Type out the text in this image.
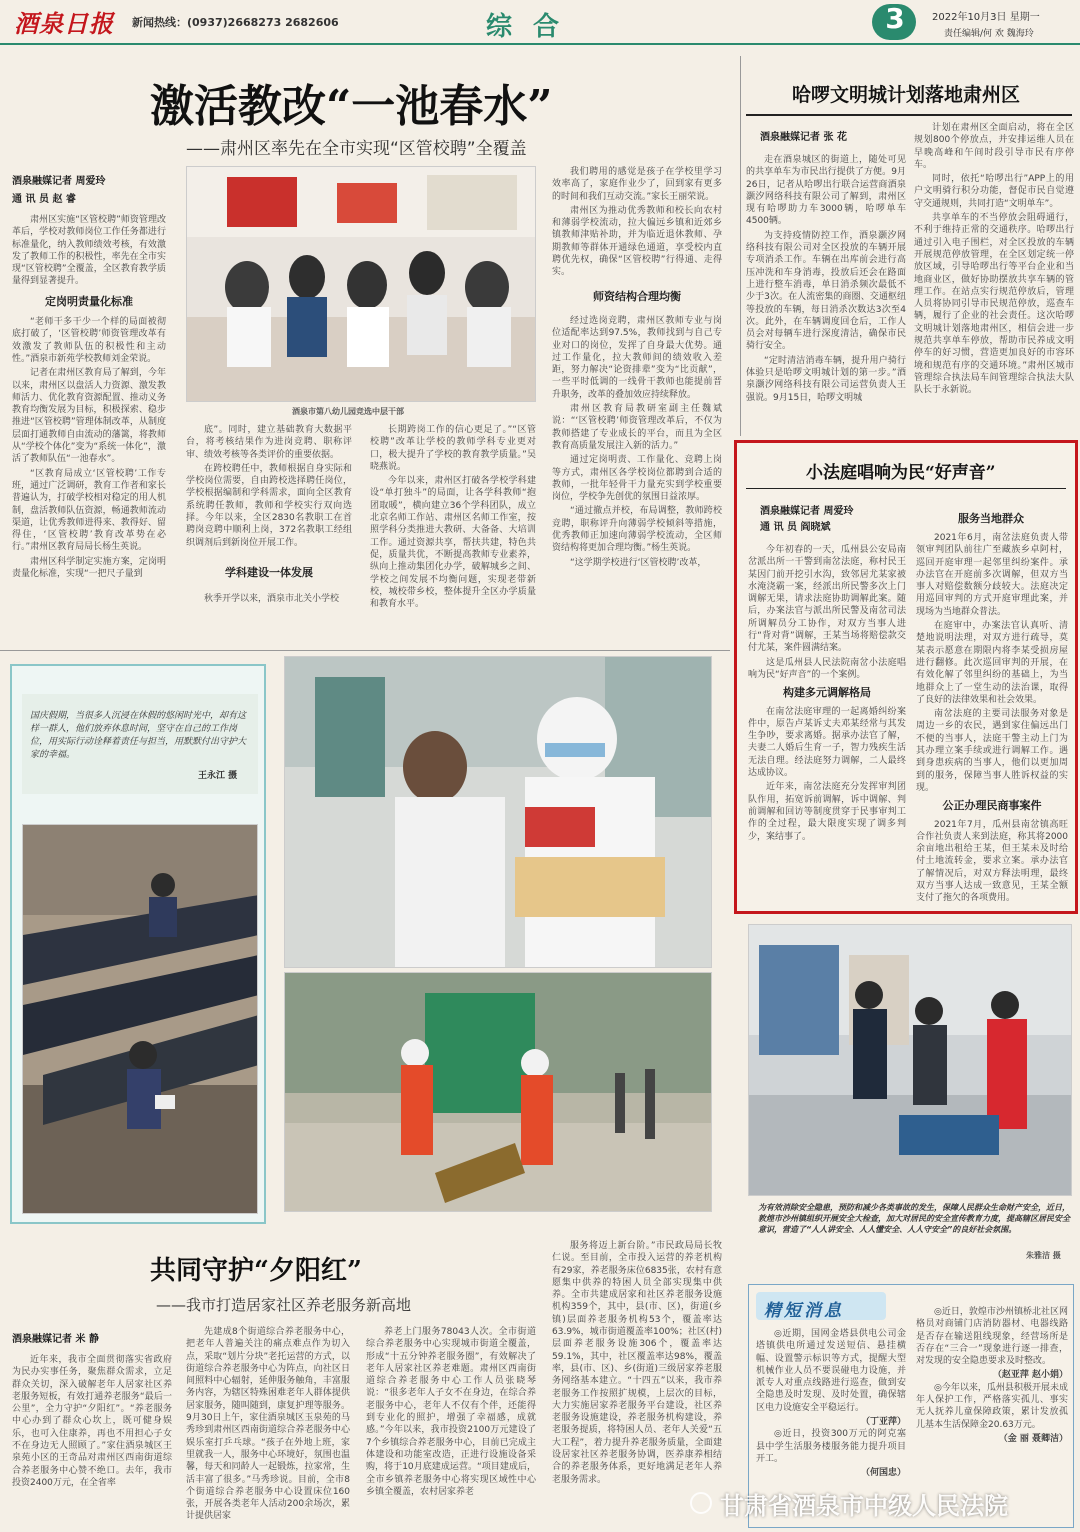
酒泉日报 新闻热线：(0937)2668273 2682606	综 合	3	2022年10月3日 星期一
责任编辑/何 欢 魏海玲
激活教改“一池春水”
——肃州区率先在全市实现“区管校聘”全覆盖
酒泉融媒记者 周爱玲
通 讯 员 赵 睿

肃州区实施“区管校聘”师资管理改革后，学校对教师岗位工作任务都进行标准量化，纳入教师绩效考核，有效激发了教师工作的积极性，率先在全市实现“区管校聘”全覆盖，全区教育教学质量得到显著提升。

定岗明责量化标准

“老师干多干少一个样的局面被彻底打破了，‘区管校聘’师资管理改革有效激发了教师队伍的积极性和主动性。”酒泉市新苑学校教师刘金荣说。

记者在肃州区教育局了解到，今年以来，肃州区以盘活人力资源、激发教师活力、优化教育资源配置、推动义务教育均衡发展为目标，积极探索、稳步推进“区管校聘”管理体制改革，从制度层面打通教师自由流动的藩篱，将教师从“学校个体化”变为“系统一体化”，激活了教师队伍“一池春水”。

“区教育局成立‘区管校聘’工作专班，通过广泛调研，教育工作者和家长普遍认为，打破学校相对稳定的用人机制，盘活教师队伍资源，畅通教师流动渠道，让优秀教师进得来、教得好、留得住，‘区管校聘’教育改革势在必行。”肃州区教育局局长杨生英说。

肃州区科学制定实施方案，定岗明责量化标准，实现“一把尺子量到

酒泉市第八幼儿园竞选中层干部

底”。同时，建立基础教育大数据平台，将考核结果作为进岗竞聘、职称评审、绩效考核等各类评价的重要依据。

在跨校聘任中，教师根据自身实际和学校岗位需要，自由跨校选择聘任岗位，学校根据编制和学科需求，面向全区教育系统聘任教师，教师和学校实行双向选择。今年以来，全区2830名教职工在首聘岗竞聘中顺利上岗，372名教职工经组织调剂后到新岗位开展工作。

学科建设一体发展

秋季开学以来，酒泉市北关小学校

长期跨岗工作的信心更足了。”“区管校聘”改革让学校的教师学科专业更对口，极大提升了学校的教育教学质量。”吴晓燕说。

今年以来，肃州区打破各学校学科建设“单打独斗”的局面，让各学科教师“抱团取暖”，横向建立36个学科团队，成立北京名师工作站、肃州区名师工作室，按照学科分类推进大教研、大备备、大培训工作。通过资源共享，帮扶共建，特色共促，质量共优，不断提高教师专业素养，纵向上推动集团化办学，破解城乡之间、学校之间发展不均衡问题，实现老带新校，城校带乡校，整体提升全区办学质量和教育水平。

我们聘用的感觉是孩子在学校里学习效率高了，家庭作业少了，回到家有更多的时间和我们互动交流。”家长王丽荣说。

肃州区为推动优秀教师和校长向农村和薄弱学校流动，拉大偏远乡镇和近郊乡镇教师津贴补助，并为临近退休教师、孕期教师等群体开通绿色通道，享受校内直聘优先权，确保“区管校聘”行得通、走得实。

师资结构合理均衡

经过选岗竞聘，肃州区教师专业与岗位适配率达到97.5%，教师找到与自己专业对口的岗位，发挥了自身最大优势。通过工作量化，拉大教师间的绩效收入差距，努力解决“论资排辈”变为“比贡献”，一些平时低调的一线骨干教师也能提前晋升职务，改革的叠加效应持续释放。

肃州区教育局教研室副主任魏斌说：“‘区管校聘’师资管理改革后，不仅为教师搭建了专业成长的平台，而且为全区教育高质量发展注入新的活力。”

通过定岗明责、工作量化、竞聘上岗等方式，肃州区各学校岗位都聘到合适的教师，一批年轻骨干力量充实到学校重要岗位，学校争先创优的氛围日益浓厚。

“通过撤点并校，布局调整，教师跨校竞聘，职称评升向薄弱学校倾斜等措施，优秀教师正加速向薄弱学校流动，全区师资结构将更加合理均衡。”杨生英说。

“这学期学校进行‘区管校聘’改革，

哈啰文明城计划落地肃州区
酒泉融媒记者 张 花

走在酒泉城区的街道上，随处可见的共享单车为市民出行提供了方便。9月26日，记者从哈啰出行联合运营商酒泉灏汐网络科技有限公司了解到，肃州区现有哈啰助力车3000辆，哈啰单车4500辆。

为支持疫情防控工作，酒泉灏汐网络科技有限公司对全区投放的车辆开展专项消杀工作。车辆在出库前会进行高压冲洗和车身消毒，投放后还会在路面上进行整车消毒，单日消杀频次最低不少于3次。在人流密集的商圈、交通枢纽等投放的车辆，每日消杀次数达3次至4次。此外，在车辆调度回仓后，工作人员会对每辆车进行深度清洁，确保市民骑行安全。

“定时清洁消毒车辆，提升用户骑行体验只是哈啰文明城计划的第一步。”酒泉灏汐网络科技有限公司运营负责人王强说。9月15日，哈啰文明城

计划在肃州区全面启动，将在全区规划800个停放点，并安排运维人员在早晚高峰和午间时段引导市民有序停车。

同时，依托“哈啰出行”APP上的用户文明骑行积分功能，督促市民自觉遵守交通规则，共同打造“文明单车”。

共享单车的不当停放会阻碍通行，不利于维持正常的交通秩序。哈啰出行通过引入电子围栏，对全区投放的车辆开展规范停放管理，在全区划定统一停放区域，引导哈啰出行等平台企业和当地商业区，做好协助摆放共享车辆的管理工作。在站点实行规范停放后，管理人员将协同引导市民规范停放，巡查车辆，履行了企业的社会责任。这次哈啰文明城计划落地肃州区，相信会进一步规范共享单车停放，帮助市民养成文明停车的好习惯，营造更加良好的市容环境和规范有序的交通环境。”肃州区城市管理综合执法局车间管理综合执法大队队长于永新说。

小法庭唱响为民“好声音”
酒泉融媒记者 周爱玲
通 讯 员 阎晓斌

今年初春的一天，瓜州县公安局南岔派出所一干警到南岔法庭，称村民王某因门前开挖引水沟，致邻居尤某家被水淹浇霸一案，经派出所民警多次上门调解无果，请求法庭协助调解此案。随后，办案法官与派出所民警及南岔司法所调解员分工协作，对双方当事人进行“背对背”调解，王某当场将赔偿款交付尤某，案件圆满结案。

这是瓜州县人民法院南岔小法庭唱响为民“好声音”的一个案例。

构建多元调解格局

在南岔法庭审理的一起离婚纠纷案件中，原告卢某诉丈夫邓某经常与其发生争吵，要求离婚。据承办法官了解，夫妻二人婚后生育一子，智力残疾生活无法自理。经法庭努力调解，二人最终达成协议。

近年来，南岔法庭充分发挥审判团队作用，拓宽诉前调解，诉中调解、判前调解和回访等制度贯穿于民事审判工作的全过程，最大限度实现了调多判少，案结事了。

服务当地群众

2021年6月，南岔法庭负责人带领审判团队前往广至藏族乡卓阿村，巡回开庭审理一起邻里纠纷案件。承办法官在开庭前多次调解，但双方当事人对赔偿数额分歧较大。法庭决定用巡回审判的方式开庭审理此案，并现场为当地群众普法。

在庭审中，办案法官认真听、清楚地说明法理，对双方进行疏导，莫某表示愿意在期限内将李某受损房屋进行翻修。此次巡回审判的开展，在有效化解了邻里纠纷的基础上，为当地群众上了一堂生动的法治课，取得了良好的法律效果和社会效果。

南岔法庭的主要司法服务对象是周边一乡的农民，遇到家住偏远出门不便的当事人，法庭干警主动上门为其办理立案手续或进行调解工作。遇到身患疾病的当事人，他们以更加周到的服务，保障当事人胜诉权益的实现。

公正办理民商事案件

2021年7月，瓜州县南岔镇高旺合作社负责人来到法庭，称其将2000余亩地出租给王某，但王某未及时给付土地流转金，要求立案。承办法官了解情况后，对双方释法明理，最终双方当事人达成一致意见，王某全额支付了拖欠的各项费用。

国庆假期，当很多人沉浸在休假的悠闲时光中，却有这样一群人，他们放弃休息时间，坚守在自己的工作岗位，用实际行动诠释着责任与担当，用默默付出守护大家的幸福。
王永江 摄
为有效消除安全隐患，预防和减少各类事故的发生，保障人民群众生命财产安全，近日，敦煌市沙州镇组织开展安全大检查，加大对居民的安全宣传教育力度，提高辖区居民安全意识，营造了“人人讲安全、人人懂安全、人人守安全”的良好社会氛围。
朱雅洁 摄
共同守护“夕阳红”
——我市打造居家社区养老服务新高地
酒泉融媒记者 米 静

近年来，我市全面贯彻落实省政府为民办实事任务，聚焦群众需求，立足群众关切，深入破解老年人居家社区养老服务短板，有效打通养老服务“最后一公里”，全力守护“夕阳红”。“养老服务中心办到了群众心坎上，既可健身娱乐，也可入住康养，再也不用担心子女不在身边无人照顾了。”家住酒泉城区王泉苑小区的王奇品对肃州区西南街道综合养老服务中心赞不绝口。去年，我市投资2400万元，在全省率

先建成8个街道综合养老服务中心，把老年人普遍关注的痛点难点作为切入点，采取“划片分块”老托运营的方式，以街道综合养老服务中心为阵点，向社区日间照料中心辐射，延伸服务触角，丰富服务内容，为辖区特殊困难老年人群体提供居家服务，随叫随到，康复护理等服务。9月30日上午，家住酒泉城区玉泉苑的马秀珍到肃州区西南街道综合养老服务中心娱乐室打乒乓球。“孩子在外地上班，家里就我一人，服务中心环境好，氛围也温馨，每天和同龄人一起锻炼，拉家常，生活丰富了很多。”马秀珍说。目前，全市8个街道综合养老服务中心设置床位160张，开展各类老年人活动200余场次，累计提供居家

养老上门服务78043人次。全市街道综合养老服务中心实现城市街道全覆盖，形成“十五分钟养老服务圈”，有效解决了老年人居家社区养老难题。肃州区西南街道综合养老服务中心工作人员张晓琴说：“很多老年人子女不在身边，在综合养老服务中心，老年人不仅有个伴，还能得到专业化的照护，增强了幸福感，成就感。”今年以来，我市投资2100万元建设了7个乡镇综合养老服务中心，目前已完成主体建设和功能室改造，正进行设施设备采购，将于10月底建成运营。“项目建成后，全市乡镇养老服务中心将实现区域性中心乡镇全覆盖，农村居家养老

服务将迈上新台阶。”市民政局局长牧仁说。至目前，全市投入运营的养老机构有29家，养老服务床位6835张，农村有意愿集中供养的特困人员全部实现集中供养。全市共建成居家和社区养老服务设施机构359个，其中，县(市、区)，街道(乡镇)层面养老服务机构53个，覆盖率达63.9%，城市街道覆盖率100%；社区(村)层面养老服务设施306个，覆盖率达59.1%，其中，社区覆盖率达98%，覆盖率，县(市、区)、乡(街道)三级居家养老服务网络基本建立。“十四五”以来，我市养老服务工作按照扩规模，上层次的目标，大力实施居家养老服务平台建设，社区养老服务设施建设，养老服务机构建设，养老服务提质，将特困人员、老年人关爱“五大工程”，着力提升养老服务质量，全面建设居家社区养老服务协调，医养康养相结合的养老服务体系，更好地满足老年人养老服务需求。

精短消息

◎近期，国网金塔县供电公司金塔镇供电所通过发送短信、悬挂横幅、设置警示标识等方式，提醒大型机械作业人员不要误碰电力设施，并派专人对重点线路进行巡查，做到安全隐患及时发现、及时处置，确保辖区电力设施安全平稳运行。

（丁亚萍）

◎近日，投资300万元的阿克塞县中学生活服务楼服务能力提升项目开工。

（何国忠）

◎近日，敦煌市沙州镇桥北社区网格员对商铺门店消防器材、电器线路是否存在输送阻线现象，经营场所是否存在“三合一”现象进行逐一排查，对发现的安全隐患要求及时整改。

（赵亚萍 赵小娟）

◎今年以来，瓜州县积极开展未成年人保护工作，严格落实孤儿、事实无人抚养儿童保障政策，累计发放孤儿基本生活保障金20.63万元。

（金 丽 聂卿洁）
甘肃省酒泉市中级人民法院
